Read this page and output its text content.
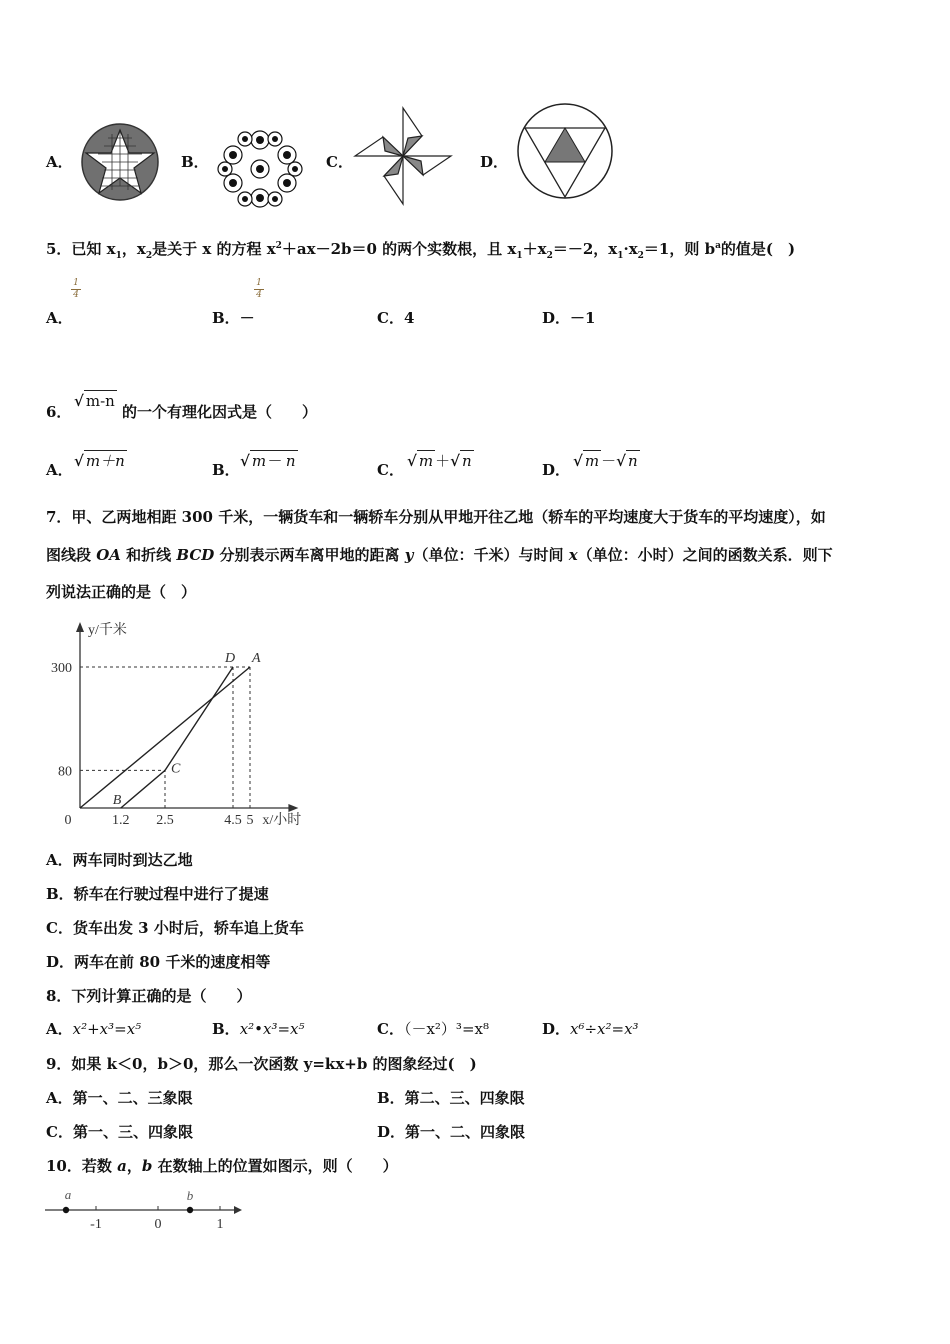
A．	B．	C．	D．
5．已知 $x_1$，$x_2$是关于 x 的方程 $x^2+ax-2b=0$ 的两个实数根，且 $x_1+x_2=-2$，$x_1\cdot x_2=1$，则 $b^a$的值是(　)
$\frac{1}{4}$
A．
$\frac{1}{4}$
B．－	C．4	D．－1
6．
√ m-n
的一个有理化因式是（　　）
A． √ m＋n	B． √ m－ n	C． √ m ＋√ n	D． √ m －√ n
7．甲、乙两地相距 300 千米，一辆货车和一辆轿车分别从甲地开往乙地（轿车的平均速度大于货车的平均速度），如
图线段 OA 和折线 BCD 分别表示两车离甲地的距离 y（单位：千米）与时间 x（单位：小时）之间的函数关系．则下
列说法正确的是（　）
y/千米
x/小时
0	1.2 2.5	4.5 5
80
300
A
B
C
D
A．两车同时到达乙地
B．轿车在行驶过程中进行了提速
C．货车出发 3 小时后，轿车追上货车
D．两车在前 80 千米的速度相等
8．下列计算正确的是（　　）
A．x²+x³=x⁵	B．x²•x³=x⁵	C．（－x²）³=x⁸	D．x⁶÷x²=x³
9．如果 k＜0，b＞0，那么一次函数 y=kx+b 的图象经过(　)
A．第一、二、三象限	B．第二、三、四象限
C．第一、三、四象限	D．第一、二、四象限
10．若数 a，b 在数轴上的位置如图示，则（　　）
-1	0	1
a	b
